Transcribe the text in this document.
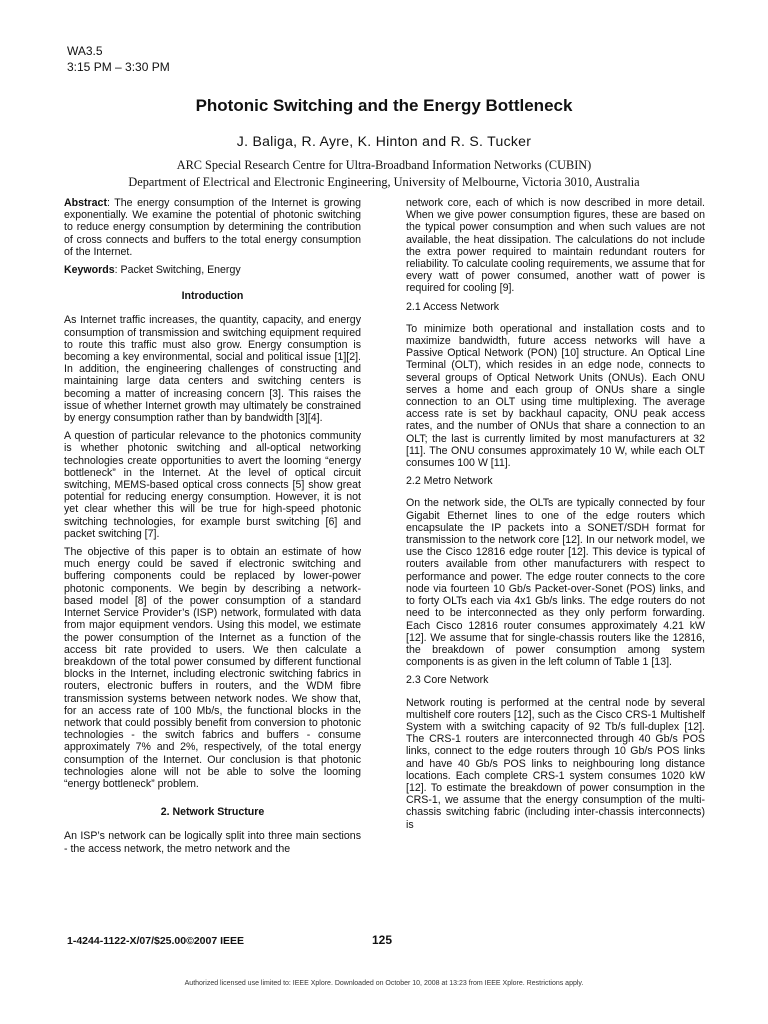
WA3.5
3:15 PM – 3:30 PM
Photonic Switching and the Energy Bottleneck
J. Baliga, R. Ayre, K. Hinton and R. S. Tucker
ARC Special Research Centre for Ultra-Broadband Information Networks (CUBIN)
Department of Electrical and Electronic Engineering, University of Melbourne, Victoria 3010, Australia

Abstract: The energy consumption of the Internet is growing exponentially. We examine the potential of photonic switching to reduce energy consumption by determining the contribution of cross connects and buffers to the total energy consumption of the Internet.

Keywords: Packet Switching, Energy

Introduction

As Internet traffic increases, the quantity, capacity, and energy consumption of transmission and switching equipment required to route this traffic must also grow. Energy consumption is becoming a key environmental, social and political issue [1][2]. In addition, the engineering challenges of constructing and maintaining large data centers and switching centers is becoming a matter of increasing concern [3]. This raises the issue of whether Internet growth may ultimately be constrained by energy consumption rather than by bandwidth [3][4].

A question of particular relevance to the photonics community is whether photonic switching and all-optical networking technologies create opportunities to avert the looming “energy bottleneck” in the Internet. At the level of optical circuit switching, MEMS-based optical cross connects [5] show great potential for reducing energy consumption. However, it is not yet clear whether this will be true for high-speed photonic switching technologies, for example burst switching [6] and packet switching [7].

The objective of this paper is to obtain an estimate of how much energy could be saved if electronic switching and buffering components could be replaced by lower-power photonic components. We begin by describing a network-based model [8] of the power consumption of a standard Internet Service Provider’s (ISP) network, formulated with data from major equipment vendors. Using this model, we estimate the power consumption of the Internet as a function of the access bit rate provided to users. We then calculate a breakdown of the total power consumed by different functional blocks in the Internet, including electronic switching fabrics in routers, electronic buffers in routers, and the WDM fibre transmission systems between network nodes. We show that, for an access rate of 100 Mb/s, the functional blocks in the network that could possibly benefit from conversion to photonic technologies - the switch fabrics and buffers - consume approximately 7% and 2%, respectively, of the total energy consumption of the Internet. Our conclusion is that photonic technologies alone will not be able to solve the looming “energy bottleneck” problem.

2. Network Structure

An ISP’s network can be logically split into three main sections - the access network, the metro network and the

network core, each of which is now described in more detail. When we give power consumption figures, these are based on the typical power consumption and when such values are not available, the heat dissipation. The calculations do not include the extra power required to maintain redundant routers for reliability. To calculate cooling requirements, we assume that for every watt of power consumed, another watt of power is required for cooling [9].

2.1 Access Network

To minimize both operational and installation costs and to maximize bandwidth, future access networks will have a Passive Optical Network (PON) [10] structure. An Optical Line Terminal (OLT), which resides in an edge node, connects to several groups of Optical Network Units (ONUs). Each ONU serves a home and each group of ONUs share a single connection to an OLT using time multiplexing. The average access rate is set by backhaul capacity, ONU peak access rates, and the number of ONUs that share a connection to an OLT; the last is currently limited by most manufacturers at 32 [11]. The ONU consumes approximately 10 W, while each OLT consumes 100 W [11].

2.2 Metro Network

On the network side, the OLTs are typically connected by four Gigabit Ethernet lines to one of the edge routers which encapsulate the IP packets into a SONET/SDH format for transmission to the network core [12]. In our network model, we use the Cisco 12816 edge router [12]. This device is typical of routers available from other manufacturers with respect to performance and power. The edge router connects to the core node via fourteen 10 Gb/s Packet-over-Sonet (POS) links, and to forty OLTs each via 4x1 Gb/s links. The edge routers do not need to be interconnected as they only perform forwarding. Each Cisco 12816 router consumes approximately 4.21 kW [12]. We assume that for single-chassis routers like the 12816, the breakdown of power consumption among system components is as given in the left column of Table 1 [13].

2.3 Core Network

Network routing is performed at the central node by several multishelf core routers [12], such as the Cisco CRS-1 Multishelf System with a switching capacity of 92 Tb/s full-duplex [12]. The CRS-1 routers are interconnected through 40 Gb/s POS links, connect to the edge routers through 10 Gb/s POS links and have 40 Gb/s POS links to neighbouring long distance locations. Each complete CRS-1 system consumes 1020 kW [12]. To estimate the breakdown of power consumption in the CRS-1, we assume that the energy consumption of the multi-chassis switching fabric (including inter-chassis interconnects) is

1-4244-1122-X/07/$25.00©2007 IEEE	125
Authorized licensed use limited to: IEEE Xplore. Downloaded on October 10, 2008 at 13:23 from IEEE Xplore. Restrictions apply.
